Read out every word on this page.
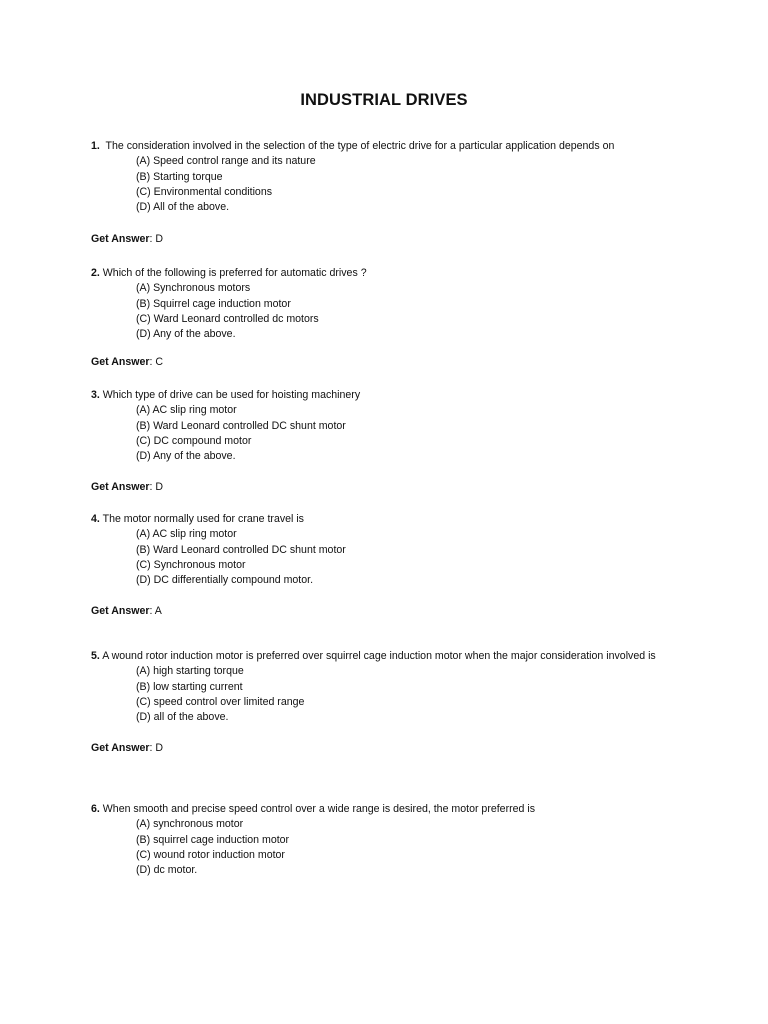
INDUSTRIAL DRIVES
1. The consideration involved in the selection of the type of electric drive for a particular application depends on
(A) Speed control range and its nature
(B) Starting torque
(C) Environmental conditions
(D) All of the above.
Get Answer: D
2. Which of the following is preferred for automatic drives ?
(A) Synchronous motors
(B) Squirrel cage induction motor
(C) Ward Leonard controlled dc motors
(D) Any of the above.
Get Answer: C
3. Which type of drive can be used for hoisting machinery
(A) AC slip ring motor
(B) Ward Leonard controlled DC shunt motor
(C) DC compound motor
(D) Any of the above.
Get Answer: D
4. The motor normally used for crane travel is
(A) AC slip ring motor
(B) Ward Leonard controlled DC shunt motor
(C) Synchronous motor
(D) DC differentially compound motor.
Get Answer: A
5. A wound rotor induction motor is preferred over squirrel cage induction motor when the major consideration involved is
(A) high starting torque
(B) low starting current
(C) speed control over limited range
(D) all of the above.
Get Answer: D
6. When smooth and precise speed control over a wide range is desired, the motor preferred is
(A) synchronous motor
(B) squirrel cage induction motor
(C) wound rotor induction motor
(D) dc motor.
